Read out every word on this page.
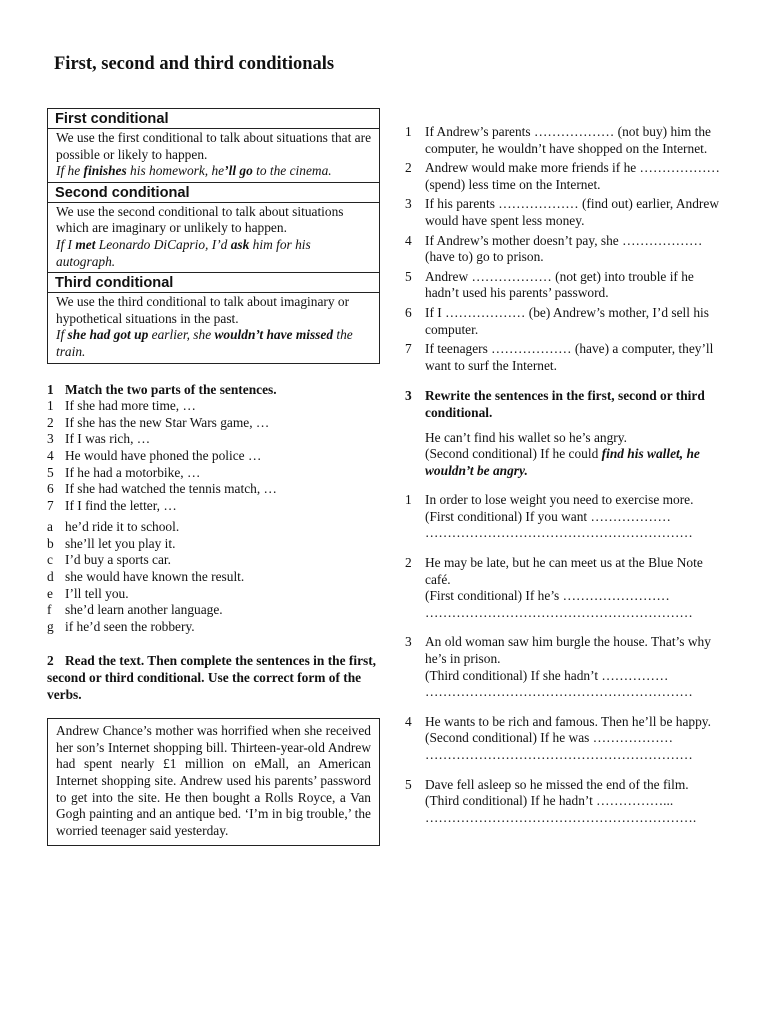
First, second and third conditionals
First conditional
We use the first conditional to talk about situations that are possible or likely to happen.
If he finishes his homework, he’ll go to the cinema.
Second conditional
We use the second conditional to talk about situations which are imaginary or unlikely to happen.
If I met Leonardo DiCaprio, I’d ask him for his autograph.
Third conditional
We use the third conditional to talk about imaginary or hypothetical situations in the past.
If she had got up earlier, she wouldn’t have missed the train.
1 Match the two parts of the sentences.
1 If she had more time, …
2 If she has the new Star Wars game, …
3 If I was rich, …
4 He would have phoned the police …
5 If he had a motorbike, …
6 If she had watched the tennis match, …
7 If I find the letter, …
a he’d ride it to school.
b she’ll let you play it.
c I’d buy a sports car.
d she would have known the result.
e I’ll tell you.
f	she’d learn another language.
g if he’d seen the robbery.
2 Read the text. Then complete the sentences in the first, second or third conditional. Use the correct form of the verbs.
Andrew Chance’s mother was horrified when she received her son’s Internet shopping bill. Thirteen-year-old Andrew had spent nearly £1 million on eMall, an American Internet shopping site. Andrew used his parents’ password to get into the site. He then bought a Rolls Royce, a Van Gogh painting and an antique bed. ‘I’m in big trouble,’ the worried teenager said yesterday.
1 If Andrew’s parents ……………… (not buy) him the computer, he wouldn’t have shopped on the Internet.
2 Andrew would make more friends if he ……………… (spend) less time on the Internet.
3 If his parents ……………… (find out) earlier, Andrew would have spent less money.
4 If Andrew’s mother doesn’t pay, she ……………… (have to) go to prison.
5 Andrew ……………… (not get) into trouble if he hadn’t used his parents’ password.
6 If I ……………… (be) Andrew’s mother, I’d sell his computer.
7 If teenagers ……………… (have) a computer, they’ll want to surf the Internet.
3 Rewrite the sentences in the first, second or third conditional.
He can’t find his wallet so he’s angry.
(Second conditional) If he could find his wallet, he wouldn’t be angry.
1 In order to lose weight you need to exercise more.
(First conditional) If you want ………………
……………………………………………………
2 He may be late, but he can meet us at the Blue Note café.
(First conditional) If he’s ……………………
……………………………………………………
3 An old woman saw him burgle the house. That’s why he’s in prison.
(Third conditional) If she hadn’t ……………
……………………………………………………
4 He wants to be rich and famous. Then he’ll be happy.
(Second conditional) If he was ………………
……………………………………………………
5 Dave fell asleep so he missed the end of the film.
(Third conditional) If he hadn’t ……………...
…………………………………………………….
